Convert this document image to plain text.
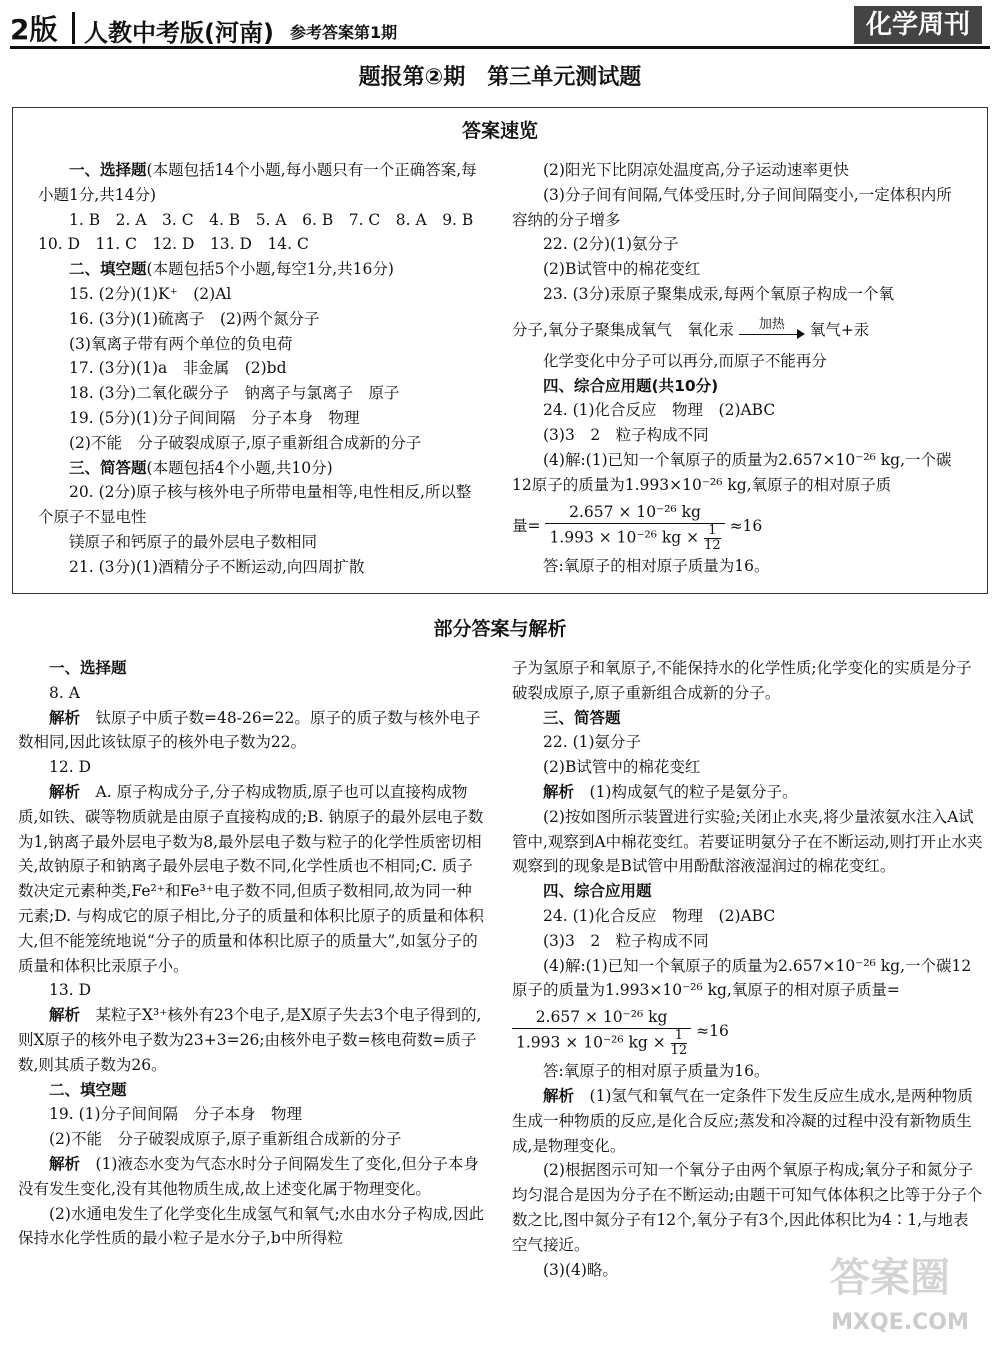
2版 人教中考版(河南) 参考答案第1期	化学周刊
题报第②期　第三单元测试题
答案速览

一、选择题(本题包括14个小题,每小题只有一个正确答案,每小题1分,共14分)

1. B　2. A　3. C　4. B　5. A　6. B　7. C　8. A　9. B

10. D　11. C　12. D　13. D　14. C

二、填空题(本题包括5个小题,每空1分,共16分)

15. (2分)(1)K⁺　(2)Al

16. (3分)(1)硫离子　(2)两个氮分子

(3)氧离子带有两个单位的负电荷

17. (3分)(1)a　非金属　(2)bd

18. (3分)二氧化碳分子　钠离子与氯离子　原子

19. (5分)(1)分子间间隔　分子本身　物理

(2)不能　分子破裂成原子,原子重新组合成新的分子

三、简答题(本题包括4个小题,共10分)

20. (2分)原子核与核外电子所带电量相等,电性相反,所以整个原子不显电性

镁原子和钙原子的最外层电子数相同

21. (3分)(1)酒精分子不断运动,向四周扩散

(2)阳光下比阴凉处温度高,分子运动速率更快

(3)分子间有间隔,气体受压时,分子间间隔变小,一定体积内所容纳的分子增多

22. (2分)(1)氨分子

(2)B试管中的棉花变红

23. (3分)汞原子聚集成汞,每两个氧原子构成一个氧

分子,氧分子聚集成氧气　氧化汞	加热	氧气+汞

化学变化中分子可以再分,而原子不能再分

四、综合应用题(共10分)

24. (1)化合反应　物理　(2)ABC

(3)3　2　粒子构成不同

(4)解:(1)已知一个氧原子的质量为2.657×10⁻²⁶ kg,一个碳12原子的质量为1.993×10⁻²⁶ kg,氧原子的相对原子质

量= $\frac{\text{2.657 × 10⁻²⁶ kg}}{1.993 \times 10^{-26} kg \times \frac{1}{12}} \approx 16$

答:氧原子的相对原子质量为16。

部分答案与解析

一、选择题

8. A

解析　钛原子中质子数=48-26=22。原子的质子数与核外电子数相同,因此该钛原子的核外电子数为22。

12. D

解析　A. 原子构成分子,分子构成物质,原子也可以直接构成物质,如铁、碳等物质就是由原子直接构成的;B. 钠原子的最外层电子数为1,钠离子最外层电子数为8,最外层电子数与粒子的化学性质密切相关,故钠原子和钠离子最外层电子数不同,化学性质也不相同;C. 质子数决定元素种类,Fe²⁺和Fe³⁺电子数不同,但质子数相同,故为同一种元素;D. 与构成它的原子相比,分子的质量和体积比原子的质量和体积大,但不能笼统地说“分子的质量和体积比原子的质量大”,如氢分子的质量和体积比汞原子小。

13. D

解析　某粒子X³⁺核外有23个电子,是X原子失去3个电子得到的,则X原子的核外电子数为23+3=26;由核外电子数=核电荷数=质子数,则其质子数为26。

二、填空题

19. (1)分子间间隔　分子本身　物理

(2)不能　分子破裂成原子,原子重新组合成新的分子

解析　(1)液态水变为气态水时分子间隔发生了变化,但分子本身没有发生变化,没有其他物质生成,故上述变化属于物理变化。

(2)水通电发生了化学变化生成氢气和氧气;水由水分子构成,因此保持水化学性质的最小粒子是水分子,b中所得粒

子为氢原子和氧原子,不能保持水的化学性质;化学变化的实质是分子破裂成原子,原子重新组合成新的分子。

三、简答题

22. (1)氨分子

(2)B试管中的棉花变红

解析　(1)构成氨气的粒子是氨分子。

(2)按如图所示装置进行实验;关闭止水夹,将少量浓氨水注入A试管中,观察到A中棉花变红。若要证明氨分子在不断运动,则打开止水夹观察到的现象是B试管中用酚酞溶液湿润过的棉花变红。

四、综合应用题

24. (1)化合反应　物理　(2)ABC

(3)3　2　粒子构成不同

(4)解:(1)已知一个氧原子的质量为2.657×10⁻²⁶ kg,一个碳12原子的质量为1.993×10⁻²⁶ kg,氧原子的相对原子质量=

$\frac{\text{2.657 × 10⁻²⁶ kg}}{1.993 \times 10^{-26} kg \times \frac{1}{12}} \approx 16$

答:氧原子的相对原子质量为16。

解析　(1)氢气和氧气在一定条件下发生反应生成水,是两种物质生成一种物质的反应,是化合反应;蒸发和冷凝的过程中没有新物质生成,是物理变化。

(2)根据图示可知一个氧分子由两个氧原子构成;氧分子和氮分子均匀混合是因为分子在不断运动;由题干可知气体体积之比等于分子个数之比,图中氮分子有12个,氧分子有3个,因此体积比为4∶1,与地表空气接近。

(3)(4)略。	答案圈
MXQE.COM
